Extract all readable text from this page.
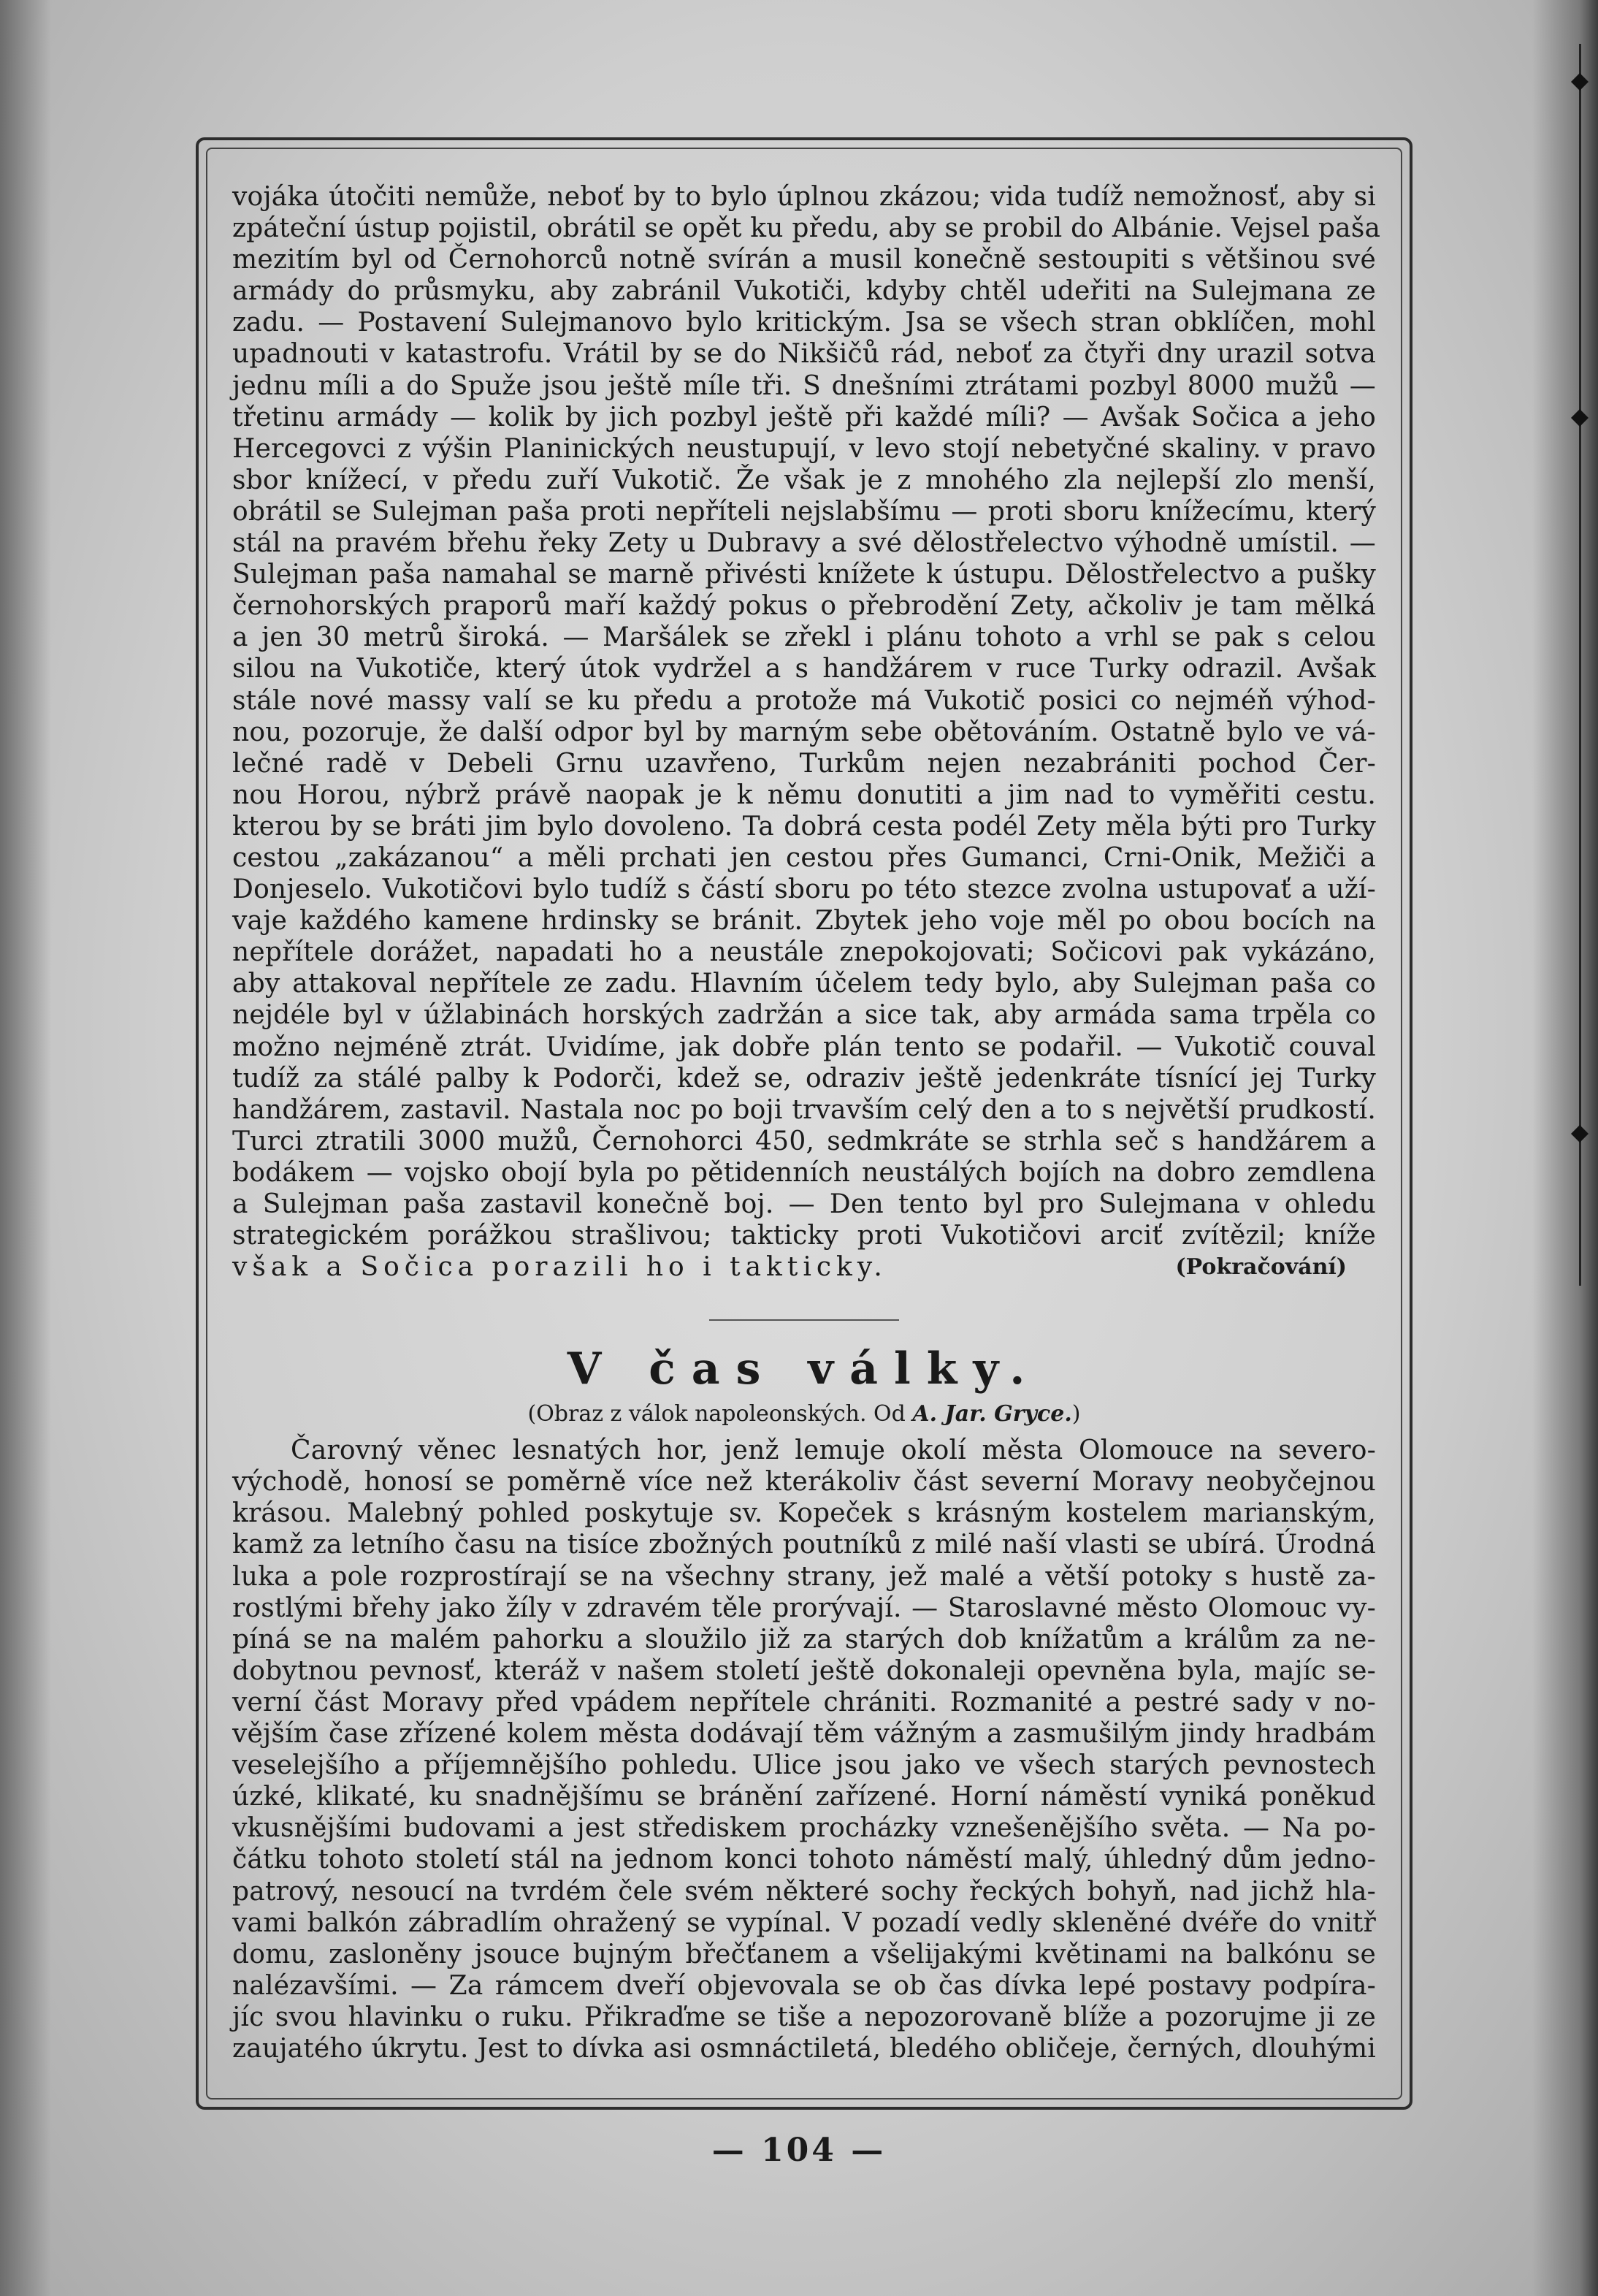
vojáka útočiti nemůže, neboť by to bylo úplnou zkázou; vida tudíž nemožnosť, aby si
zpáteční ústup pojistil, obrátil se opět ku předu, aby se probil do Albánie. Vejsel paša
mezitím byl od Černohorců notně svírán a musil konečně sestoupiti s většinou své
armády do průsmyku, aby zabránil Vukotiči, kdyby chtěl udeřiti na Sulejmana ze
zadu. — Postavení Sulejmanovo bylo kritickým. Jsa se všech stran obklíčen, mohl
upadnouti v katastrofu. Vrátil by se do Nikšičů rád, neboť za čtyři dny urazil sotva
jednu míli a do Spuže jsou ještě míle tři. S dnešními ztrátami pozbyl 8000 mužů —
třetinu armády — kolik by jich pozbyl ještě při každé míli? — Avšak Sočica a jeho
Hercegovci z výšin Planinických neustupují, v levo stojí nebetyčné skaliny. v pravo
sbor knížecí, v předu zuří Vukotič. Že však je z mnohého zla nejlepší zlo menší,
obrátil se Sulejman paša proti nepříteli nejslabšímu — proti sboru knížecímu, který
stál na pravém břehu řeky Zety u Dubravy a své dělostřelectvo výhodně umístil. —
Sulejman paša namahal se marně přivésti knížete k ústupu. Dělostřelectvo a pušky
černohorských praporů maří každý pokus o přebrodění Zety, ačkoliv je tam mělká
a jen 30 metrů široká. — Maršálek se zřekl i plánu tohoto a vrhl se pak s celou
silou na Vukotiče, který útok vydržel a s handžárem v ruce Turky odrazil. Avšak
stále nové massy valí se ku předu a protože má Vukotič posici co nejméň výhod-
nou, pozoruje, že další odpor byl by marným sebe obětováním. Ostatně bylo ve vá-
lečné radě v Debeli Grnu uzavřeno, Turkům nejen nezabrániti pochod Čer-
nou Horou, nýbrž právě naopak je k němu donutiti a jim nad to vyměřiti cestu.
kterou by se bráti jim bylo dovoleno. Ta dobrá cesta podél Zety měla býti pro Turky
cestou „zakázanou“ a měli prchati jen cestou přes Gumanci, Crni-Onik, Mežiči a
Donjeselo. Vukotičovi bylo tudíž s částí sboru po této stezce zvolna ustupovať a uží-
vaje každého kamene hrdinsky se bránit. Zbytek jeho voje měl po obou bocích na
nepřítele dorážet, napadati ho a neustále znepokojovati; Sočicovi pak vykázáno,
aby attakoval nepřítele ze zadu. Hlavním účelem tedy bylo, aby Sulejman paša co
nejdéle byl v úžlabinách horských zadržán a sice tak, aby armáda sama trpěla co
možno nejméně ztrát. Uvidíme, jak dobře plán tento se podařil. — Vukotič couval
tudíž za stálé palby k Podorči, kdež se, odraziv ještě jedenkráte tísnící jej Turky
handžárem, zastavil. Nastala noc po boji trvavším celý den a to s největší prudkostí.
Turci ztratili 3000 mužů, Černohorci 450, sedmkráte se strhla seč s handžárem a
bodákem — vojsko obojí byla po pětidenních neustálých bojích na dobro zemdlena
a Sulejman paša zastavil konečně boj. — Den tento byl pro Sulejmana v ohledu
strategickém porážkou strašlivou; takticky proti Vukotičovi arciť zvítězil; kníže
však a Sočica porazili ho i takticky.	(Pokračování)
V čas války.
(Obraz z válok napoleonských. Od A. Jar. Gryce.)
Čarovný věnec lesnatých hor, jenž lemuje okolí města Olomouce na severo-
východě, honosí se poměrně více než kterákoliv část severní Moravy neobyčejnou
krásou. Malebný pohled poskytuje sv. Kopeček s krásným kostelem marianským,
kamž za letního času na tisíce zbožných poutníků z milé naší vlasti se ubírá. Úrodná
luka a pole rozprostírají se na všechny strany, jež malé a větší potoky s hustě za-
rostlými břehy jako žíly v zdravém těle prorývají. — Staroslavné město Olomouc vy-
píná se na malém pahorku a sloužilo již za starých dob knížatům a králům za ne-
dobytnou pevnosť, kteráž v našem století ještě dokonaleji opevněna byla, majíc se-
verní část Moravy před vpádem nepřítele chrániti. Rozmanité a pestré sady v no-
vějším čase zřízené kolem města dodávají těm vážným a zasmušilým jindy hradbám
veselejšího a příjemnějšího pohledu. Ulice jsou jako ve všech starých pevnostech
úzké, klikaté, ku snadnějšímu se bránění zařízené. Horní náměstí vyniká poněkud
vkusnějšími budovami a jest střediskem procházky vznešenějšího světa. — Na po-
čátku tohoto století stál na jednom konci tohoto náměstí malý, úhledný dům jedno-
patrový, nesoucí na tvrdém čele svém některé sochy řeckých bohyň, nad jichž hla-
vami balkón zábradlím ohražený se vypínal. V pozadí vedly skleněné dvéře do vnitř
domu, zasloněny jsouce bujným břečťanem a všelijakými květinami na balkónu se
nalézavšími. — Za rámcem dveří objevovala se ob čas dívka lepé postavy podpíra-
jíc svou hlavinku o ruku. Přikraďme se tiše a nepozorovaně blíže a pozorujme ji ze
zaujatého úkrytu. Jest to dívka asi osmnáctiletá, bledého obličeje, černých, dlouhými
— 104 —
